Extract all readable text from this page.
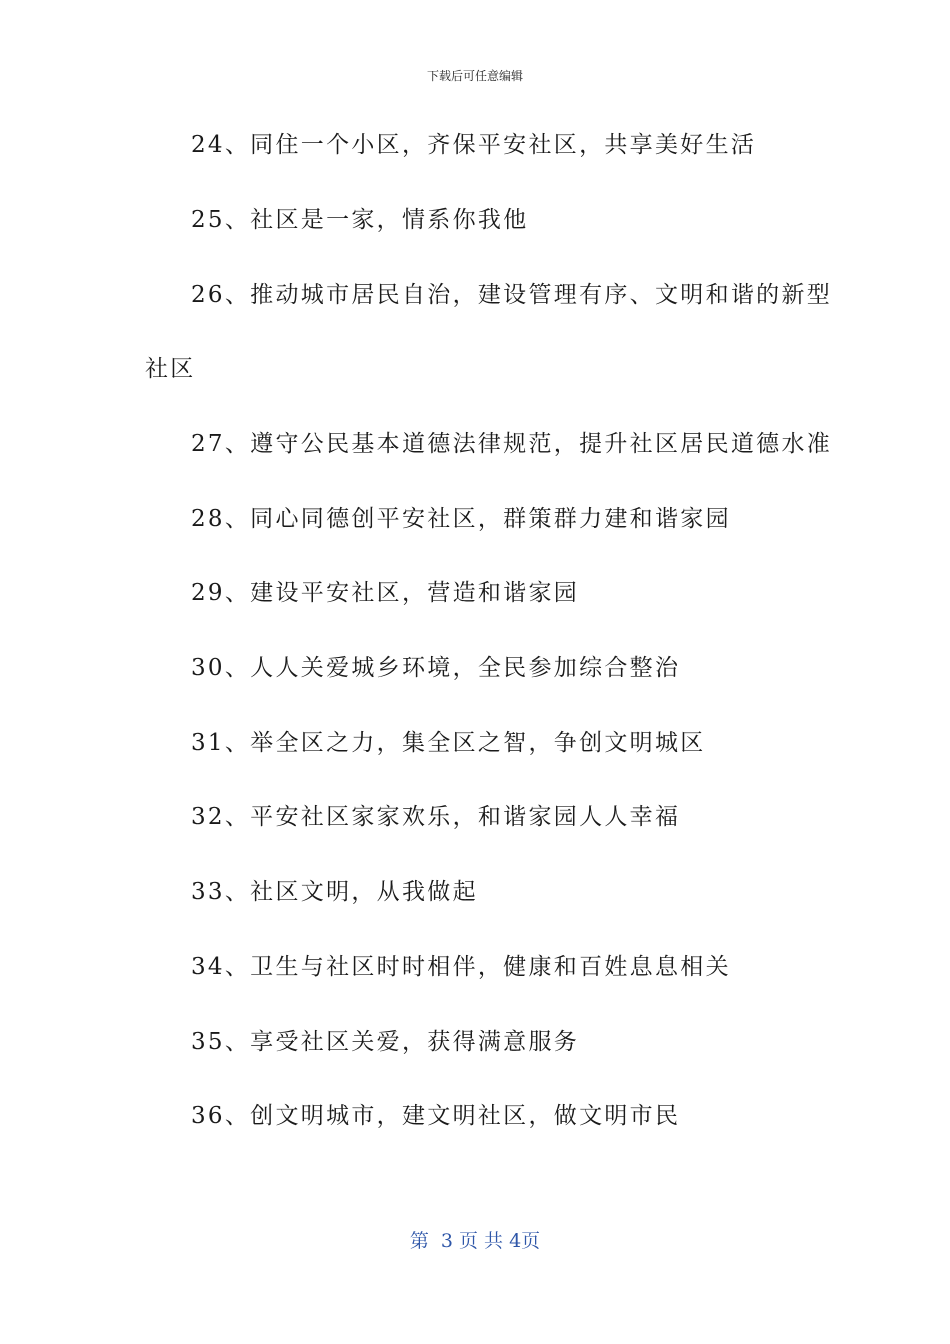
下载后可任意编辑
24、同住一个小区，齐保平安社区，共享美好生活
25、社区是一家，情系你我他
26、推动城市居民自治，建设管理有序、文明和谐的新型
社区
27、遵守公民基本道德法律规范，提升社区居民道德水准
28、同心同德创平安社区，群策群力建和谐家园
29、建设平安社区，营造和谐家园
30、人人关爱城乡环境，全民参加综合整治
31、举全区之力，集全区之智，争创文明城区
32、平安社区家家欢乐，和谐家园人人幸福
33、社区文明，从我做起
34、卫生与社区时时相伴，健康和百姓息息相关
35、享受社区关爱，获得满意服务
36、创文明城市，建文明社区，做文明市民
第  3 页 共 4页
